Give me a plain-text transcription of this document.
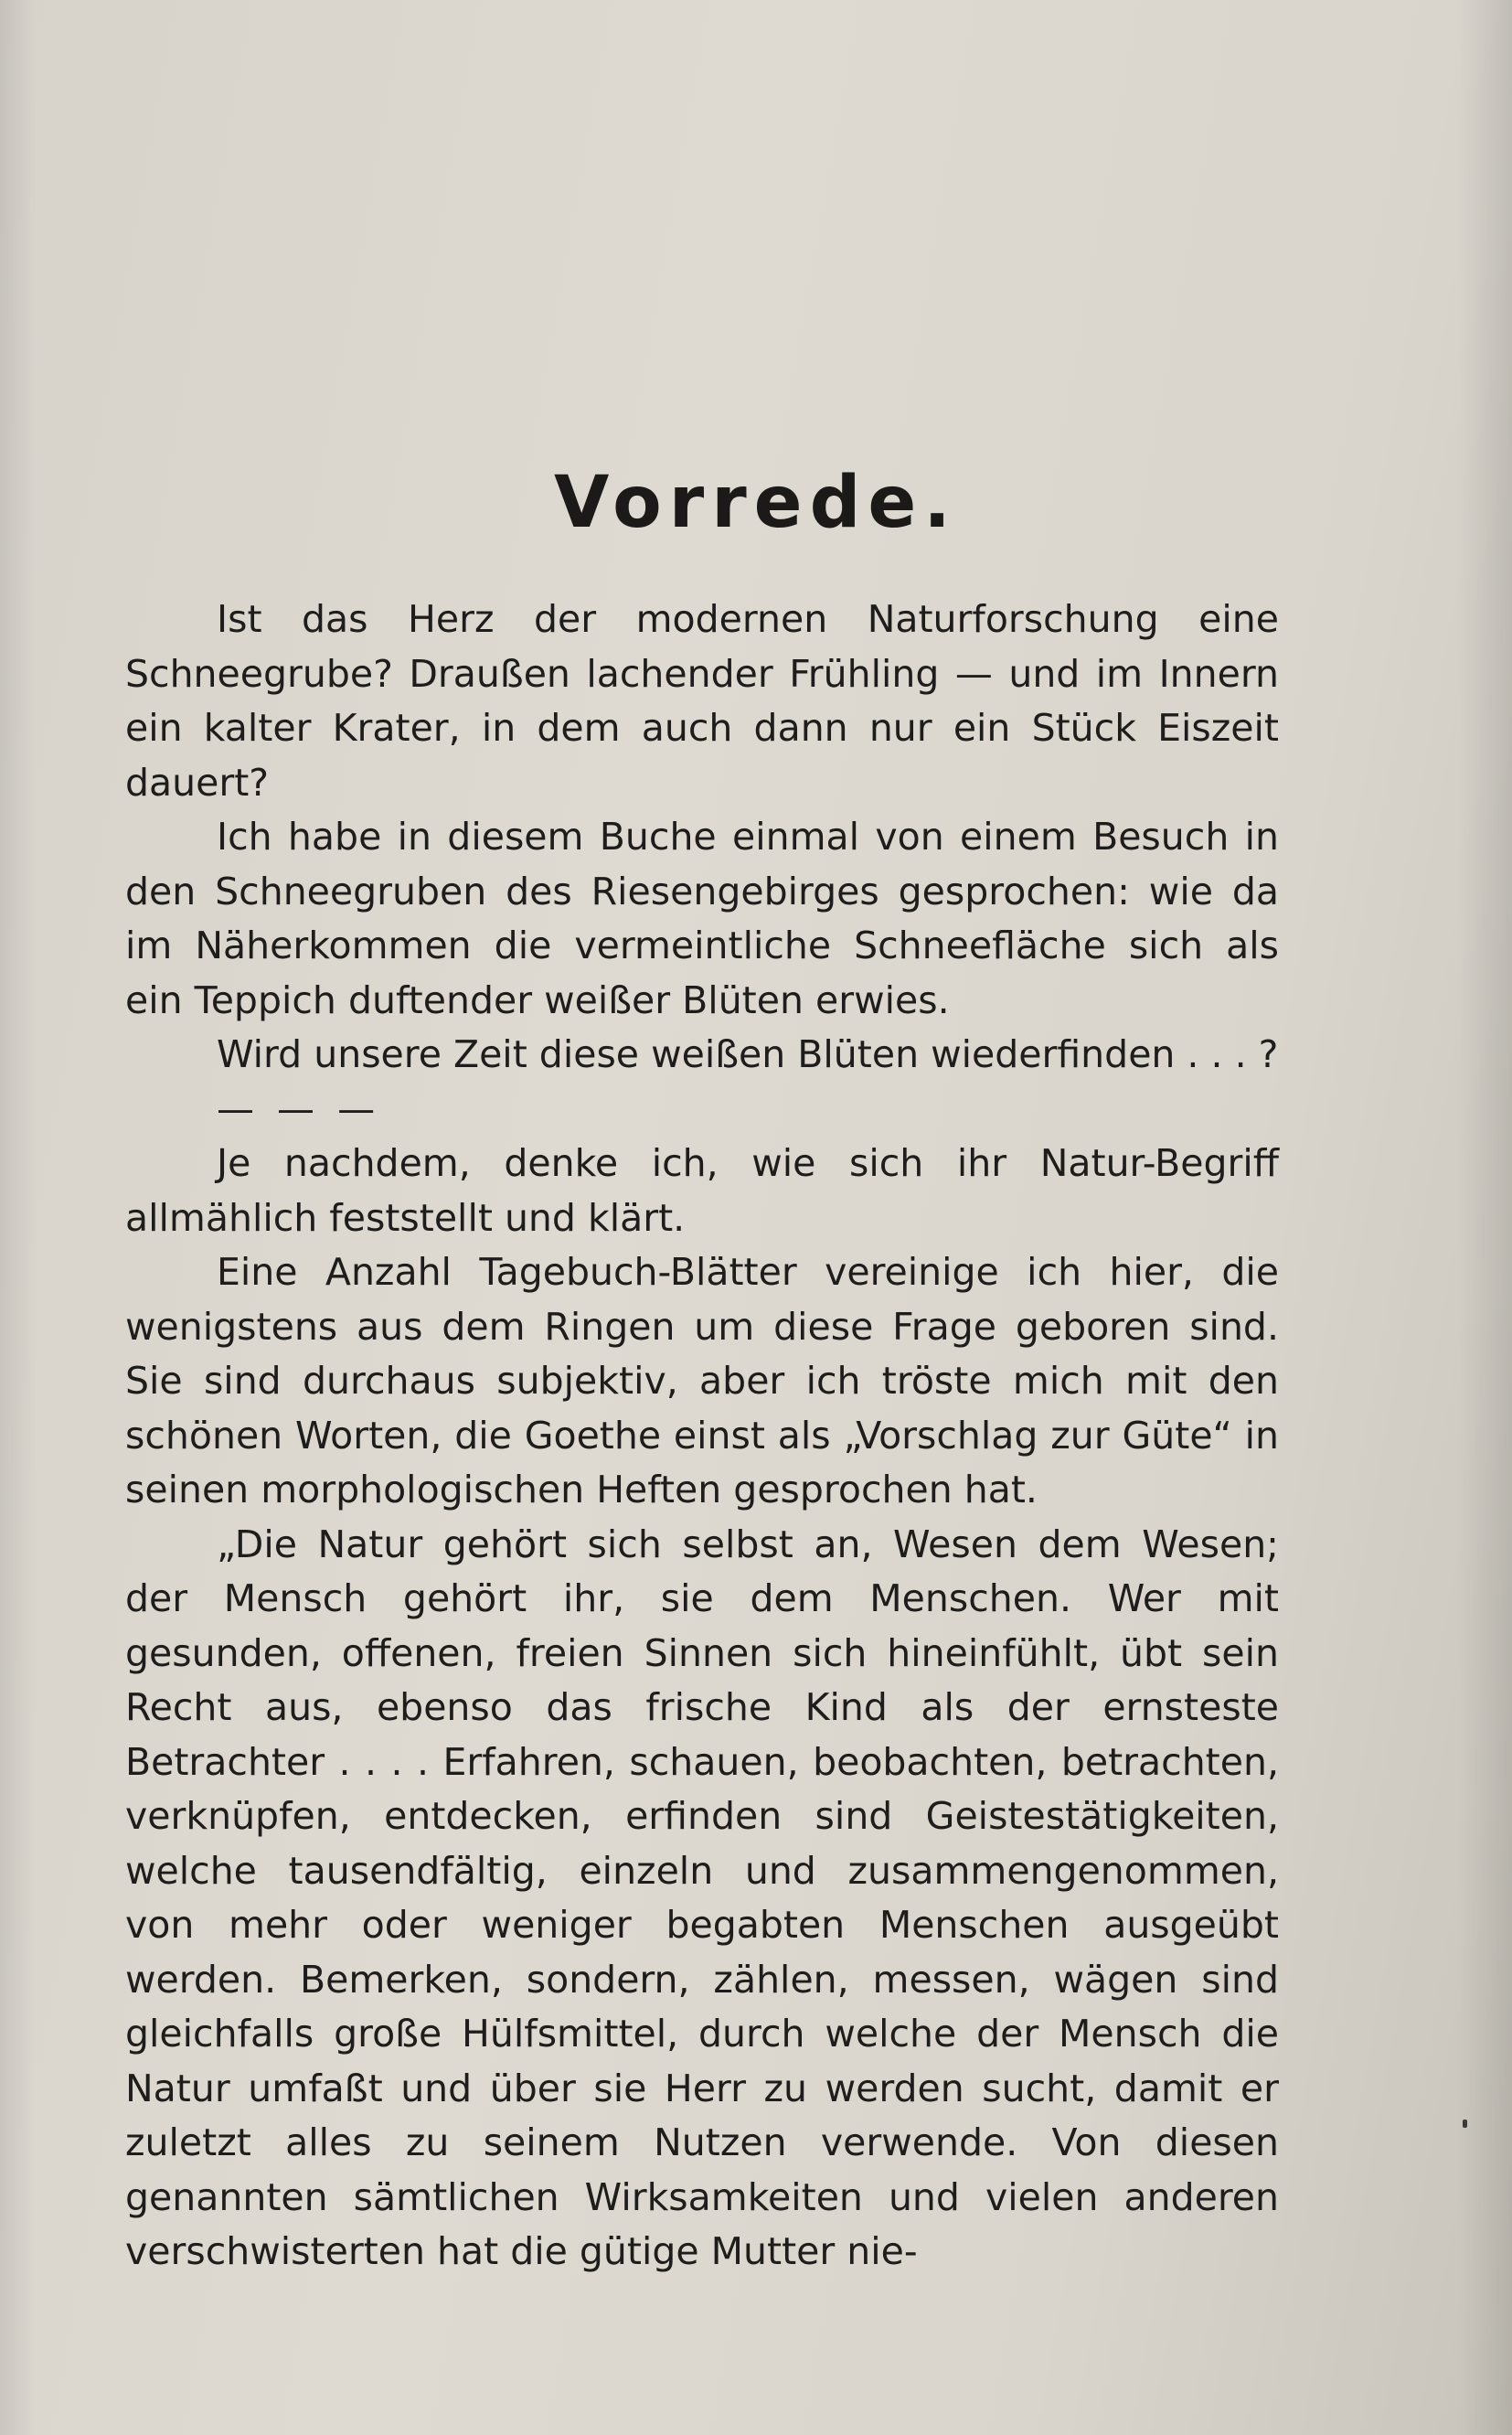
Vorrede.

Ist das Herz der modernen Naturforschung eine Schneegrube? Draußen lachender Frühling — und im Innern ein kalter Krater, in dem auch dann nur ein Stück Eiszeit dauert?

Ich habe in diesem Buche einmal von einem Besuch in den Schneegruben des Riesengebirges gesprochen: wie da im Näherkommen die vermeintliche Schneefläche sich als ein Teppich duftender weißer Blüten erwies.

Wird unsere Zeit diese weißen Blüten wiederfinden . . . ?

— — —

Je nachdem, denke ich, wie sich ihr Natur-Begriff allmählich feststellt und klärt.

Eine Anzahl Tagebuch-Blätter vereinige ich hier, die wenigstens aus dem Ringen um diese Frage geboren sind. Sie sind durchaus subjektiv, aber ich tröste mich mit den schönen Worten, die Goethe einst als „Vorschlag zur Güte“ in seinen morphologischen Heften gesprochen hat.

„Die Natur gehört sich selbst an, Wesen dem Wesen; der Mensch gehört ihr, sie dem Menschen. Wer mit gesunden, offenen, freien Sinnen sich hineinfühlt, übt sein Recht aus, ebenso das frische Kind als der ernsteste Betrachter . . . . Erfahren, schauen, beobachten, betrachten, verknüpfen, entdecken, erfinden sind Geistestätigkeiten, welche tausendfältig, einzeln und zusammengenommen, von mehr oder weniger begabten Menschen ausgeübt werden. Bemerken, sondern, zählen, messen, wägen sind gleichfalls große Hülfsmittel, durch welche der Mensch die Natur umfaßt und über sie Herr zu werden sucht, damit er zuletzt alles zu seinem Nutzen verwende. Von diesen genannten sämtlichen Wirksamkeiten und vielen anderen verschwisterten hat die gütige Mutter nie-
